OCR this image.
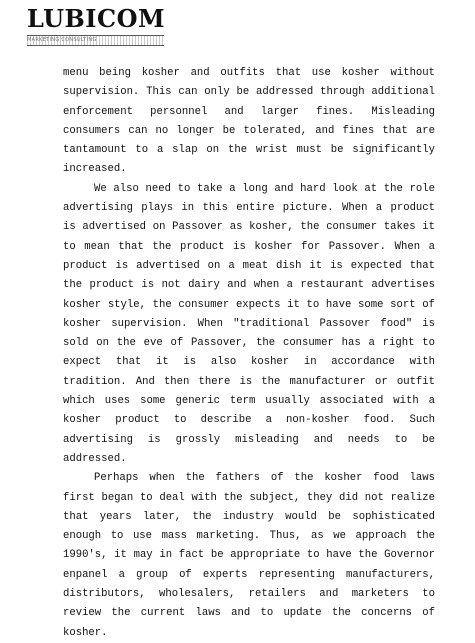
LUBICOM
MARKETING CONSULTING

menu being kosher and outfits that use kosher without supervision. This can only be addressed through additional enforcement personnel and larger fines. Misleading consumers can no longer be tolerated, and fines that are tantamount to a slap on the wrist must be significantly increased.

We also need to take a long and hard look at the role advertising plays in this entire picture. When a product is advertised on Passover as kosher, the consumer takes it to mean that the product is kosher for Passover. When a product is advertised on a meat dish it is expected that the product is not dairy and when a restaurant advertises kosher style, the consumer expects it to have some sort of kosher supervision. When "traditional Passover food" is sold on the eve of Passover, the consumer has a right to expect that it is also kosher in accordance with tradition. And then there is the manufacturer or outfit which uses some generic term usually associated with a kosher product to describe a non-kosher food. Such advertising is grossly misleading and needs to be addressed.

Perhaps when the fathers of the kosher food laws first began to deal with the subject, they did not realize that years later, the industry would be sophisticated enough to use mass marketing. Thus, as we approach the 1990's, it may in fact be appropriate to have the Governor enpanel a group of experts representing manufacturers, distributors, wholesalers, retailers and marketers to review the current laws and to update the concerns of kosher.
